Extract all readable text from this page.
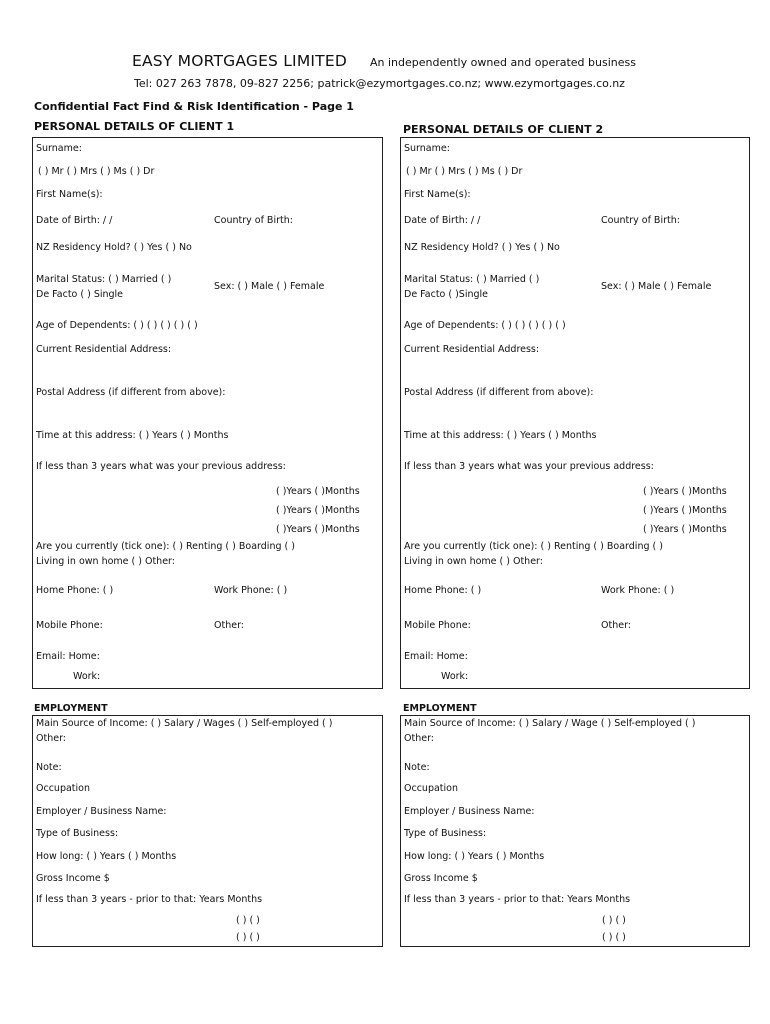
EASY MORTGAGES LIMITED An independently owned and operated business
Tel: 027 263 7878, 09-827 2256; patrick@ezymortgages.co.nz; www.ezymortgages.co.nz
Confidential Fact Find & Risk Identification - Page 1
PERSONAL DETAILS OF CLIENT 1
Surname:
( ) Mr ( ) Mrs ( ) Ms ( ) Dr
First Name(s):
Date of Birth: / /	Country of Birth:
NZ Residency Hold? ( ) Yes ( ) No
Marital Status: ( ) Married ( )
De Facto ( ) Single
Sex: ( ) Male ( ) Female
Age of Dependents: ( ) ( ) ( ) ( ) ( )
Current Residential Address:
Postal Address (if different from above):
Time at this address: ( ) Years ( ) Months
If less than 3 years what was your previous address:
( )Years ( )Months
( )Years ( )Months
( )Years ( )Months
Are you currently (tick one): ( ) Renting ( ) Boarding ( )
Living in own home ( ) Other:
Home Phone: ( )	Work Phone: ( )
Mobile Phone:	Other:
Email: Home:
Work:
PERSONAL DETAILS OF CLIENT 2
Surname:
( ) Mr ( ) Mrs ( ) Ms ( ) Dr
First Name(s):
Date of Birth: / /	Country of Birth:
NZ Residency Hold? ( ) Yes ( ) No
Marital Status: ( ) Married ( )
De Facto ( )Single
Sex: ( ) Male ( ) Female
Age of Dependents: ( ) ( ) ( ) ( ) ( )
Current Residential Address:
Postal Address (if different from above):
Time at this address: ( ) Years ( ) Months
If less than 3 years what was your previous address:
( )Years ( )Months
( )Years ( )Months
( )Years ( )Months
Are you currently (tick one): ( ) Renting ( ) Boarding ( )
Living in own home ( ) Other:
Home Phone: ( )	Work Phone: ( )
Mobile Phone:	Other:
Email: Home:
Work:
EMPLOYMENT
Main Source of Income: ( ) Salary / Wages ( ) Self-employed ( )
Other:
Note:
Occupation
Employer / Business Name:
Type of Business:
How long: ( ) Years ( ) Months
Gross Income $
If less than 3 years - prior to that: Years Months
( ) ( )
( ) ( )
EMPLOYMENT
Main Source of Income: ( ) Salary / Wage ( ) Self-employed ( )
Other:
Note:
Occupation
Employer / Business Name:
Type of Business:
How long: ( ) Years ( ) Months
Gross Income $
If less than 3 years - prior to that: Years Months
( ) ( )
( ) ( )
